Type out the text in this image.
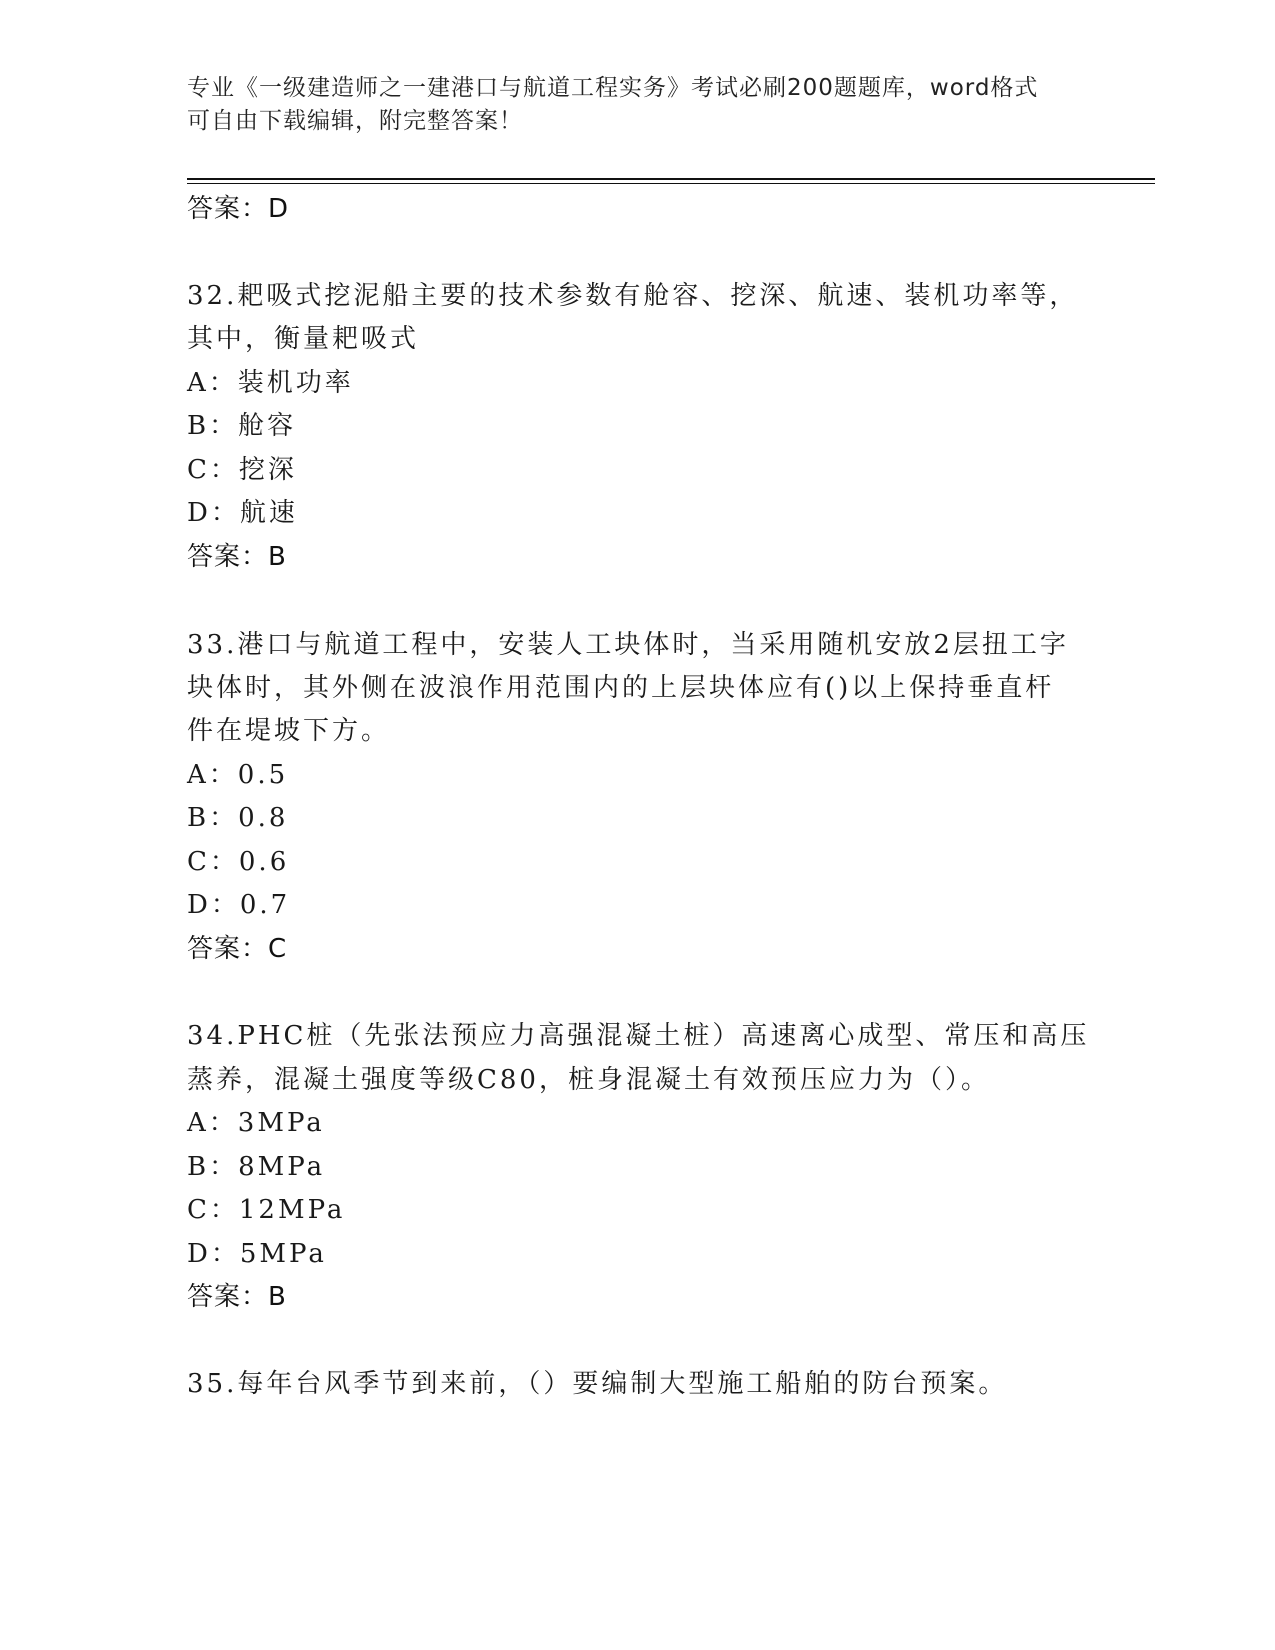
专业《一级建造师之一建港口与航道工程实务》考试必刷200题题库，word格式
可自由下载编辑，附完整答案！
答案：D
32.耙吸式挖泥船主要的技术参数有舱容、挖深、航速、装机功率等，
其中，衡量耙吸式
A：装机功率
B：舱容
C：挖深
D：航速
答案：B
33.港口与航道工程中，安装人工块体时，当采用随机安放2层扭工字
块体时，其外侧在波浪作用范围内的上层块体应有()以上保持垂直杆
件在堤坡下方。
A：0.5
B：0.8
C：0.6
D：0.7
答案：C
34.PHC桩（先张法预应力高强混凝土桩）高速离心成型、常压和高压
蒸养，混凝土强度等级C80，桩身混凝土有效预压应力为（）。
A：3MPa
B：8MPa
C：12MPa
D：5MPa
答案：B
35.每年台风季节到来前，（）要编制大型施工船舶的防台预案。
